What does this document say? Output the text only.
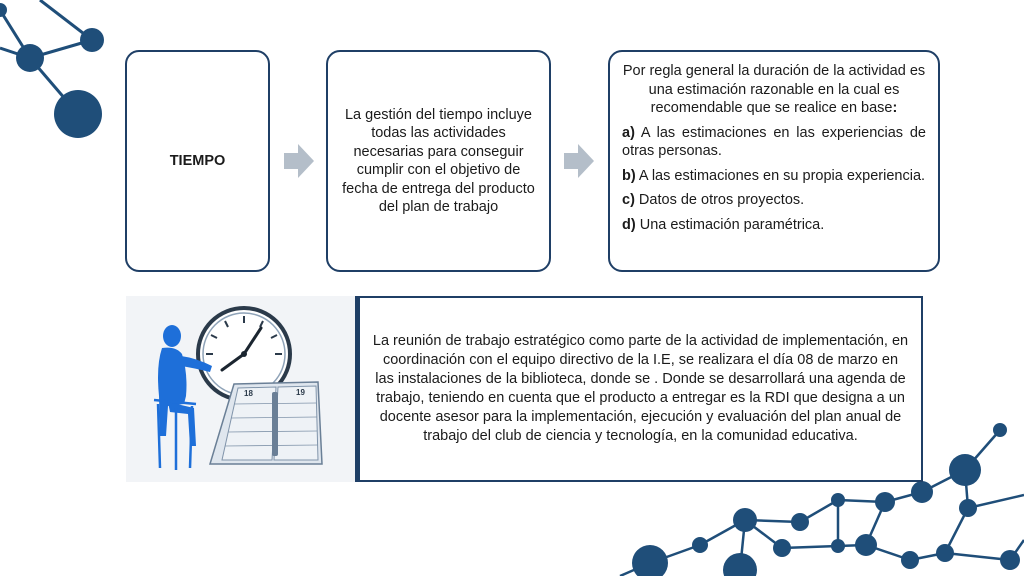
TIEMPO
La gestión del tiempo incluye todas las actividades necesarias para conseguir cumplir con el objetivo de fecha de entrega del producto del plan de trabajo
Por regla general la duración de la actividad es una estimación razonable en la cual es recomendable que se realice en base:
a) A las estimaciones en las experiencias de otras personas.
b) A las estimaciones en su propia experiencia.
c) Datos de otros proyectos.
d) Una estimación paramétrica.
18	19
La reunión de trabajo estratégico como parte de la actividad de implementación, en coordinación con el equipo directivo de la I.E, se realizara el día 08 de marzo en las instalaciones de la biblioteca, donde se . Donde se desarrollará una agenda de trabajo, teniendo en cuenta que el producto a entregar es la RDI que designa a un docente asesor para la implementación, ejecución y evaluación del plan anual de trabajo del club de ciencia y tecnología, en la comunidad educativa.
